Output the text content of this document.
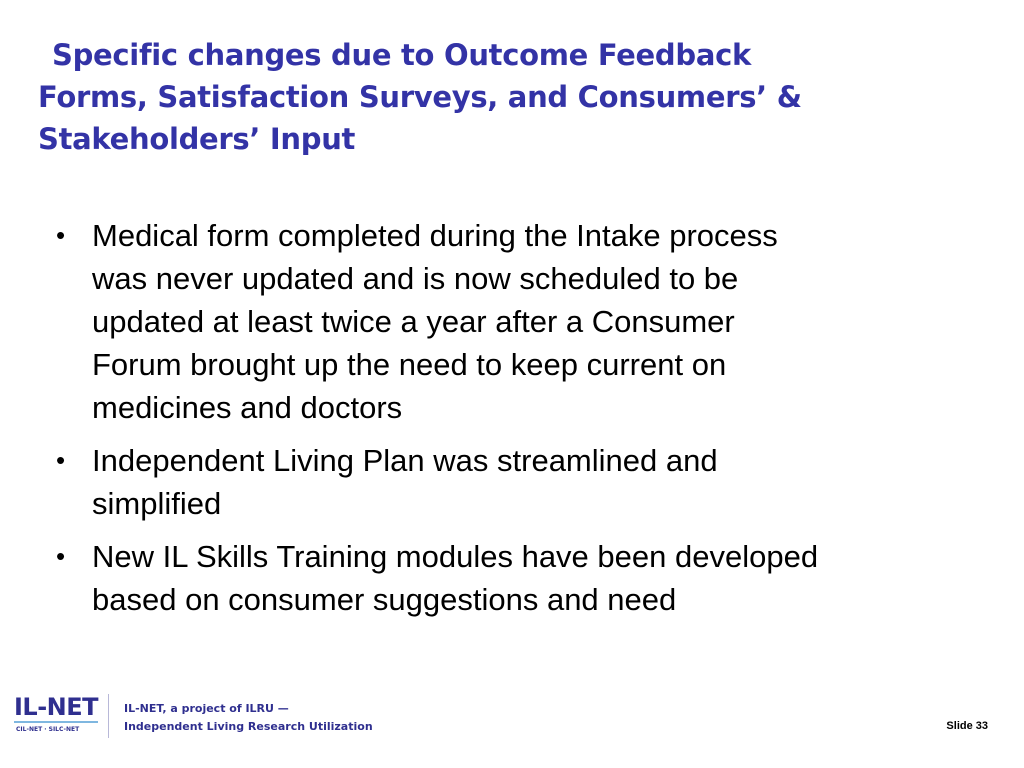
Specific changes due to Outcome Feedback
Forms, Satisfaction Surveys, and Consumers’ &
Stakeholders’ Input
• Medical form completed during the Intake process
was never updated and is now scheduled to be
updated at least twice a year after a Consumer
Forum brought up the need to keep current on
medicines and doctors
• Independent Living Plan was streamlined and
simplified
• New IL Skills Training modules have been developed
based on consumer suggestions and need
IL-NET
CIL-NET · SILC-NET
IL-NET, a project of ILRU —
Independent Living Research Utilization	Slide 33
